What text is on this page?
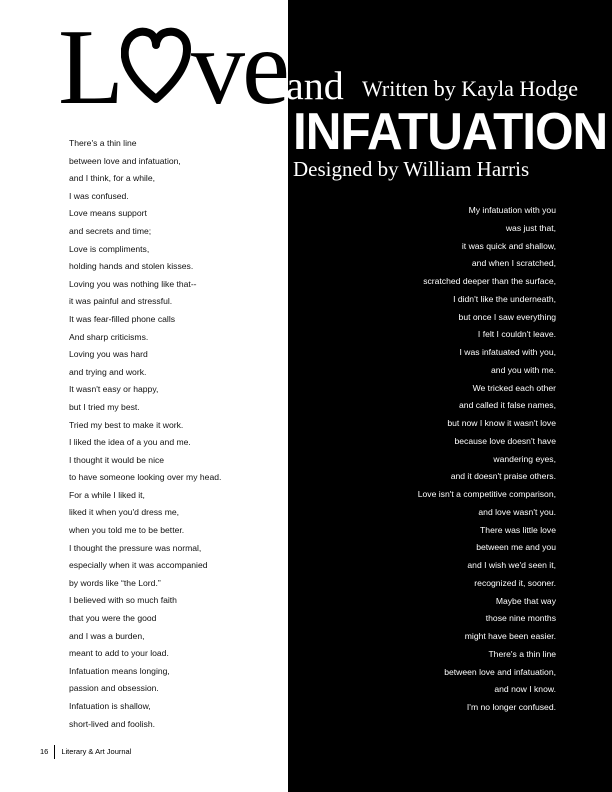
L ve and Written by Kayla Hodge
INFATUATION
Designed by William Harris
There's a thin line
between love and infatuation,
and I think, for a while,
I was confused.
Love means support
and secrets and time;
Love is compliments,
holding hands and stolen kisses.
Loving you was nothing like that--
it was painful and stressful.
It was fear-filled phone calls
And sharp criticisms.
Loving you was hard
and trying and work.
It wasn't easy or happy,
but I tried my best.
Tried my best to make it work.
I liked the idea of a you and me.
I thought it would be nice
to have someone looking over my head.
For a while I liked it,
liked it when you'd dress me,
when you told me to be better.
I thought the pressure was normal,
especially when it was accompanied
by words like “the Lord.”
I believed with so much faith
that you were the good
and I was a burden,
meant to add to your load.
Infatuation means longing,
passion and obsession.
Infatuation is shallow,
short-lived and foolish.
My infatuation with you
was just that,
it was quick and shallow,
and when I scratched,
scratched deeper than the surface,
I didn't like the underneath,
but once I saw everything
I felt I couldn't leave.
I was infatuated with you,
and you with me.
We tricked each other
and called it false names,
but now I know it wasn't love
because love doesn't have
wandering eyes,
and it doesn't praise others.
Love isn't a competitive comparison,
and love wasn't you.
There was little love
between me and you
and I wish we'd seen it,
recognized it, sooner.
Maybe that way
those nine months
might have been easier.
There's a thin line
between love and infatuation,
and now I know.
I'm no longer confused.
16 Literary & Art Journal
